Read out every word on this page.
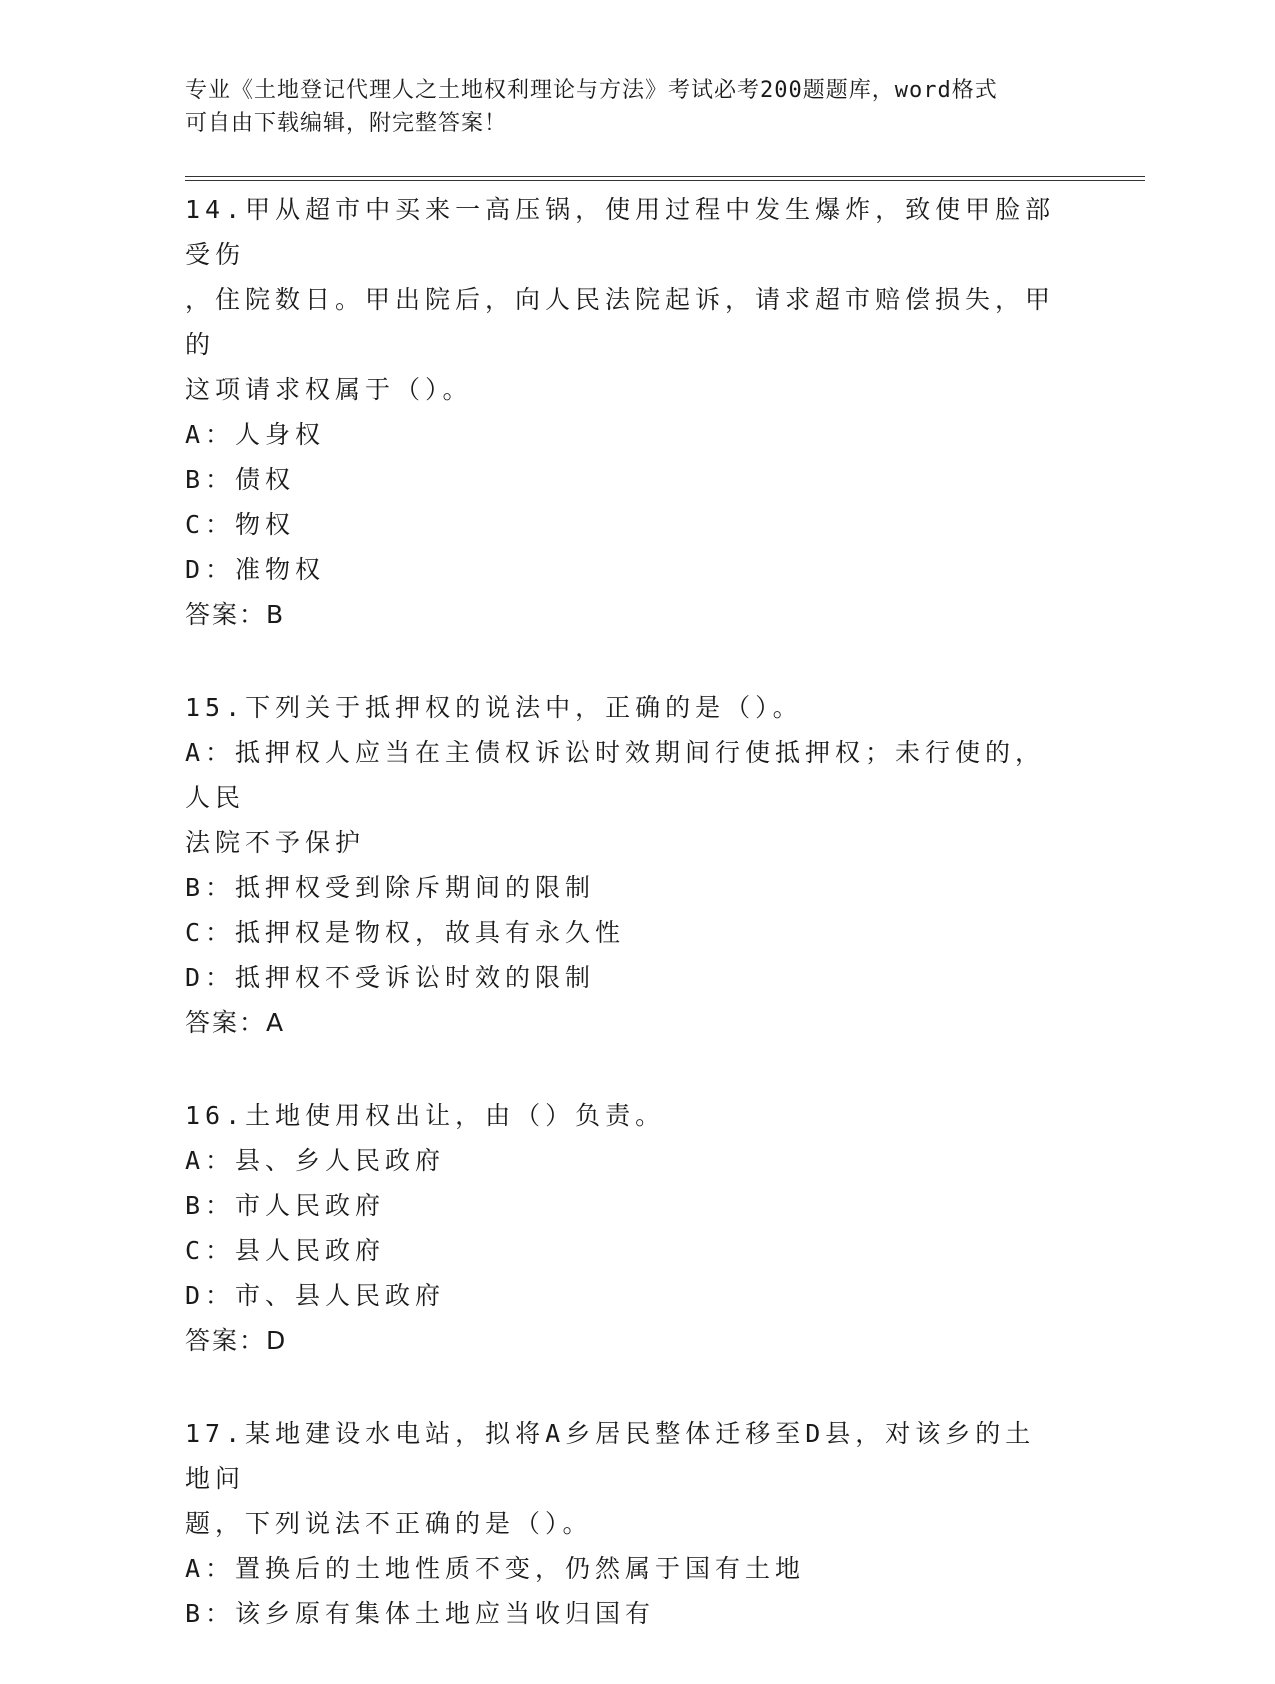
专业《土地登记代理人之土地权利理论与方法》考试必考200题题库，word格式
可自由下载编辑，附完整答案！
14.甲从超市中买来一高压锅，使用过程中发生爆炸，致使甲脸部受伤
，住院数日。甲出院后，向人民法院起诉，请求超市赔偿损失，甲的
这项请求权属于（）。
A：人身权
B：债权
C：物权
D：准物权
答案：B
15.下列关于抵押权的说法中，正确的是（）。
A：抵押权人应当在主债权诉讼时效期间行使抵押权；未行使的，人民
法院不予保护
B：抵押权受到除斥期间的限制
C：抵押权是物权，故具有永久性
D：抵押权不受诉讼时效的限制
答案：A
16.土地使用权出让，由（）负责。
A：县、乡人民政府
B：市人民政府
C：县人民政府
D：市、县人民政府
答案：D
17.某地建设水电站，拟将A乡居民整体迁移至D县，对该乡的土地问
题，下列说法不正确的是（）。
A：置换后的土地性质不变，仍然属于国有土地
B：该乡原有集体土地应当收归国有
